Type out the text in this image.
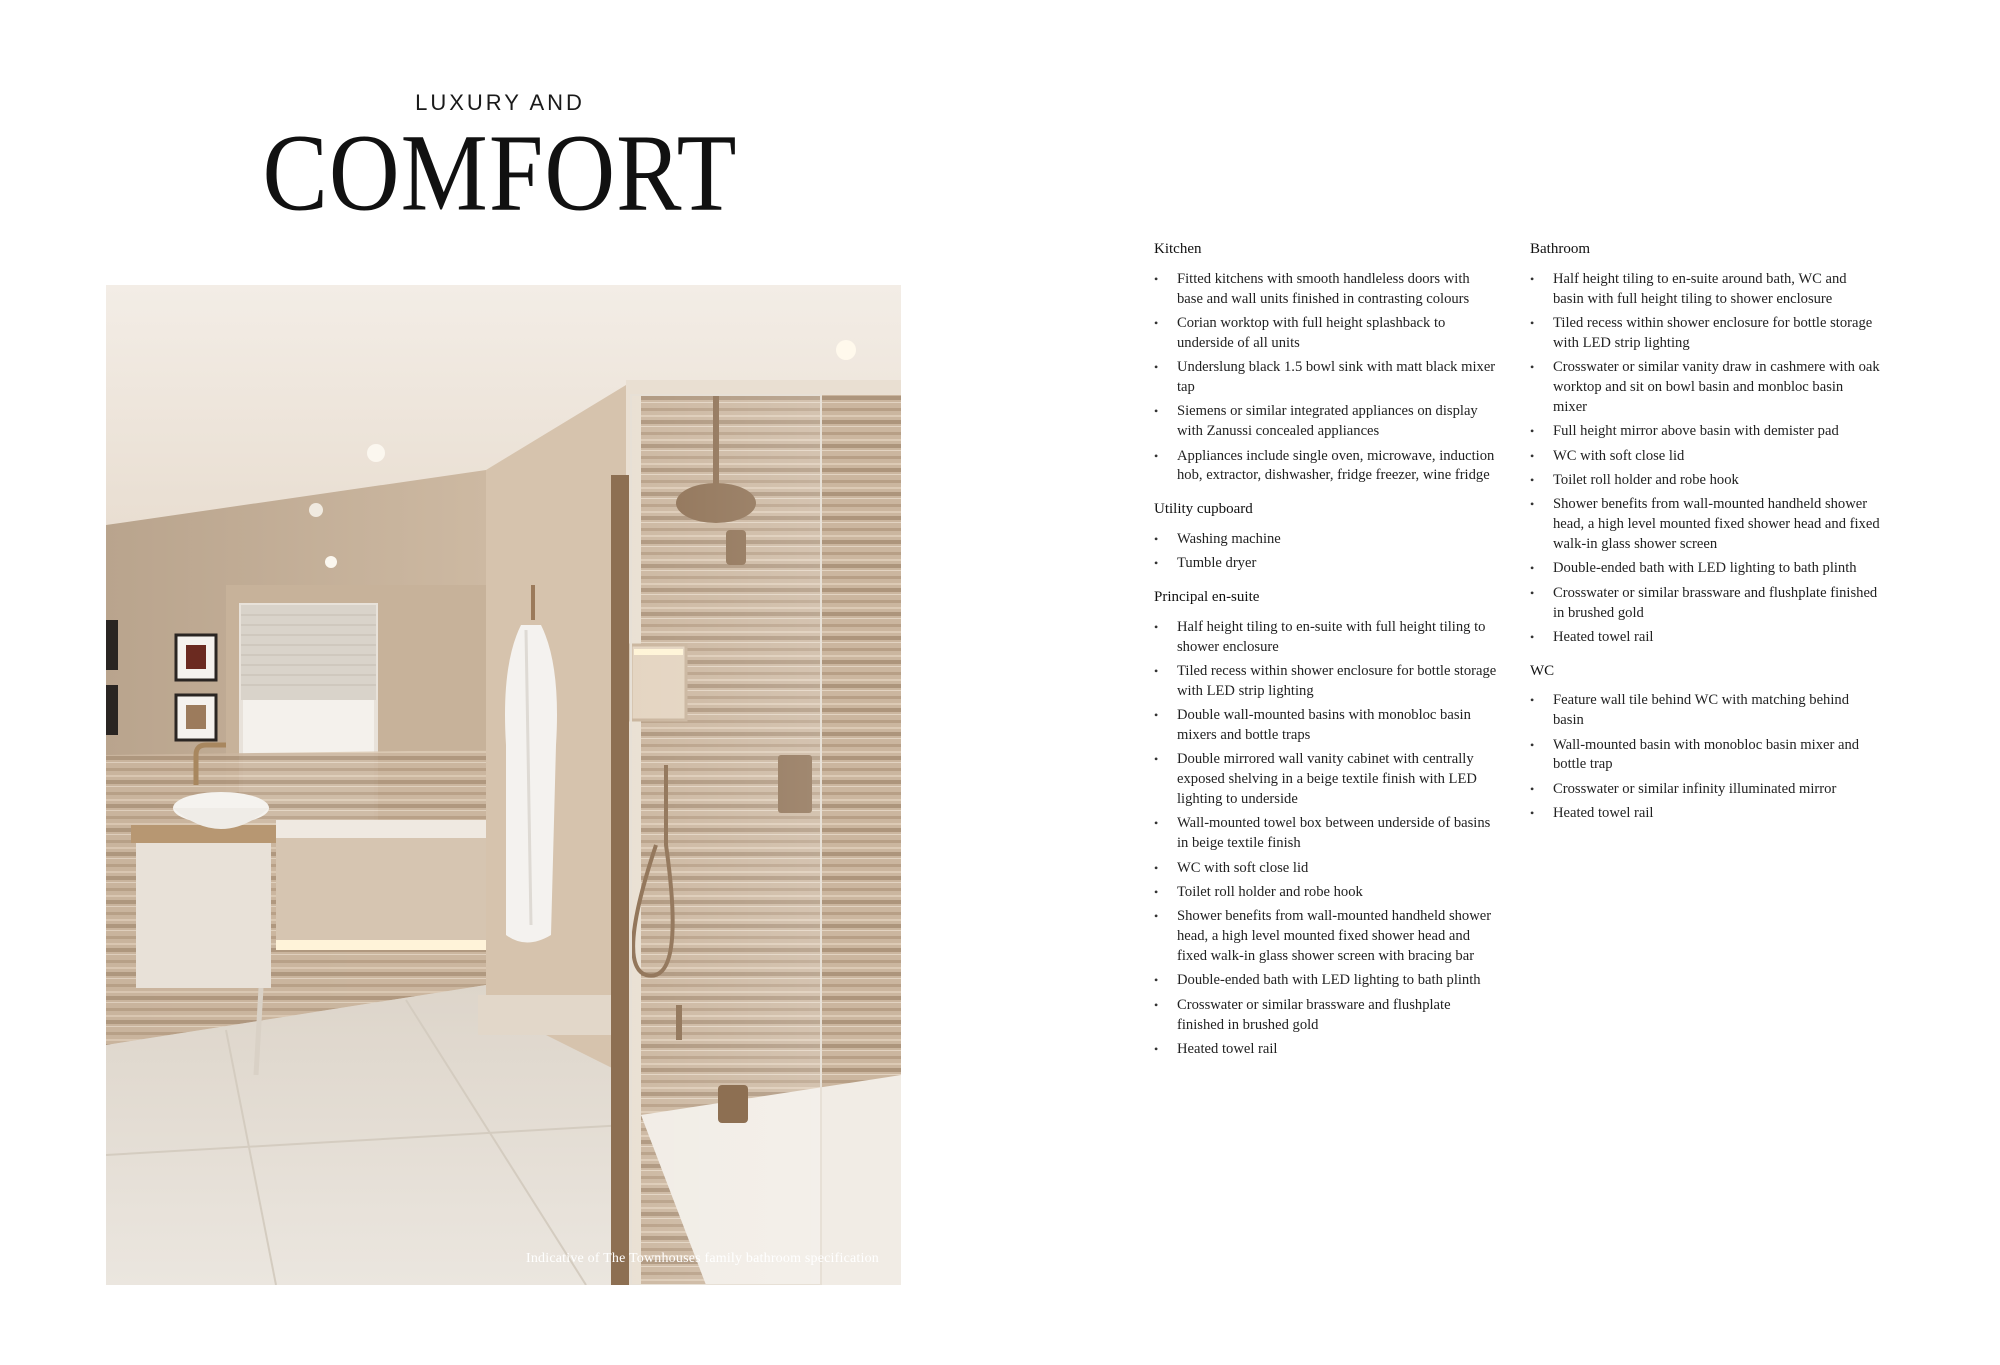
LUXURY AND
COMFORT
Indicative of The Townhouses family bathroom specification
Kitchen
• Fitted kitchens with smooth handleless doors with base and wall units finished in contrasting colours
• Corian worktop with full height splashback to underside of all units
• Underslung black 1.5 bowl sink with matt black mixer tap
• Siemens or similar integrated appliances on display with Zanussi concealed appliances
• Appliances include single oven, microwave, induction hob, extractor, dishwasher, fridge freezer, wine fridge
Utility cupboard
• Washing machine
• Tumble dryer
Principal en-suite
• Half height tiling to en-suite with full height tiling to shower enclosure
• Tiled recess within shower enclosure for bottle storage with LED strip lighting
• Double wall-mounted basins with monobloc basin mixers and bottle traps
• Double mirrored wall vanity cabinet with centrally exposed shelving in a beige textile finish with LED lighting to underside
• Wall-mounted towel box between underside of basins in beige textile finish
• WC with soft close lid
• Toilet roll holder and robe hook
• Shower benefits from wall-mounted handheld shower head, a high level mounted fixed shower head and fixed walk-in glass shower screen with bracing bar
• Double-ended bath with LED lighting to bath plinth
• Crosswater or similar brassware and flushplate finished in brushed gold
• Heated towel rail
Bathroom
• Half height tiling to en-suite around bath, WC and basin with full height tiling to shower enclosure
• Tiled recess within shower enclosure for bottle storage with LED strip lighting
• Crosswater or similar vanity draw in cashmere with oak worktop and sit on bowl basin and monbloc basin mixer
• Full height mirror above basin with demister pad
• WC with soft close lid
• Toilet roll holder and robe hook
• Shower benefits from wall-mounted handheld shower head, a high level mounted fixed shower head and fixed walk-in glass shower screen
• Double-ended bath with LED lighting to bath plinth
• Crosswater or similar brassware and flushplate finished in brushed gold
• Heated towel rail
WC
• Feature wall tile behind WC with matching behind basin
• Wall-mounted basin with monobloc basin mixer and bottle trap
• Crosswater or similar infinity illuminated mirror
• Heated towel rail
